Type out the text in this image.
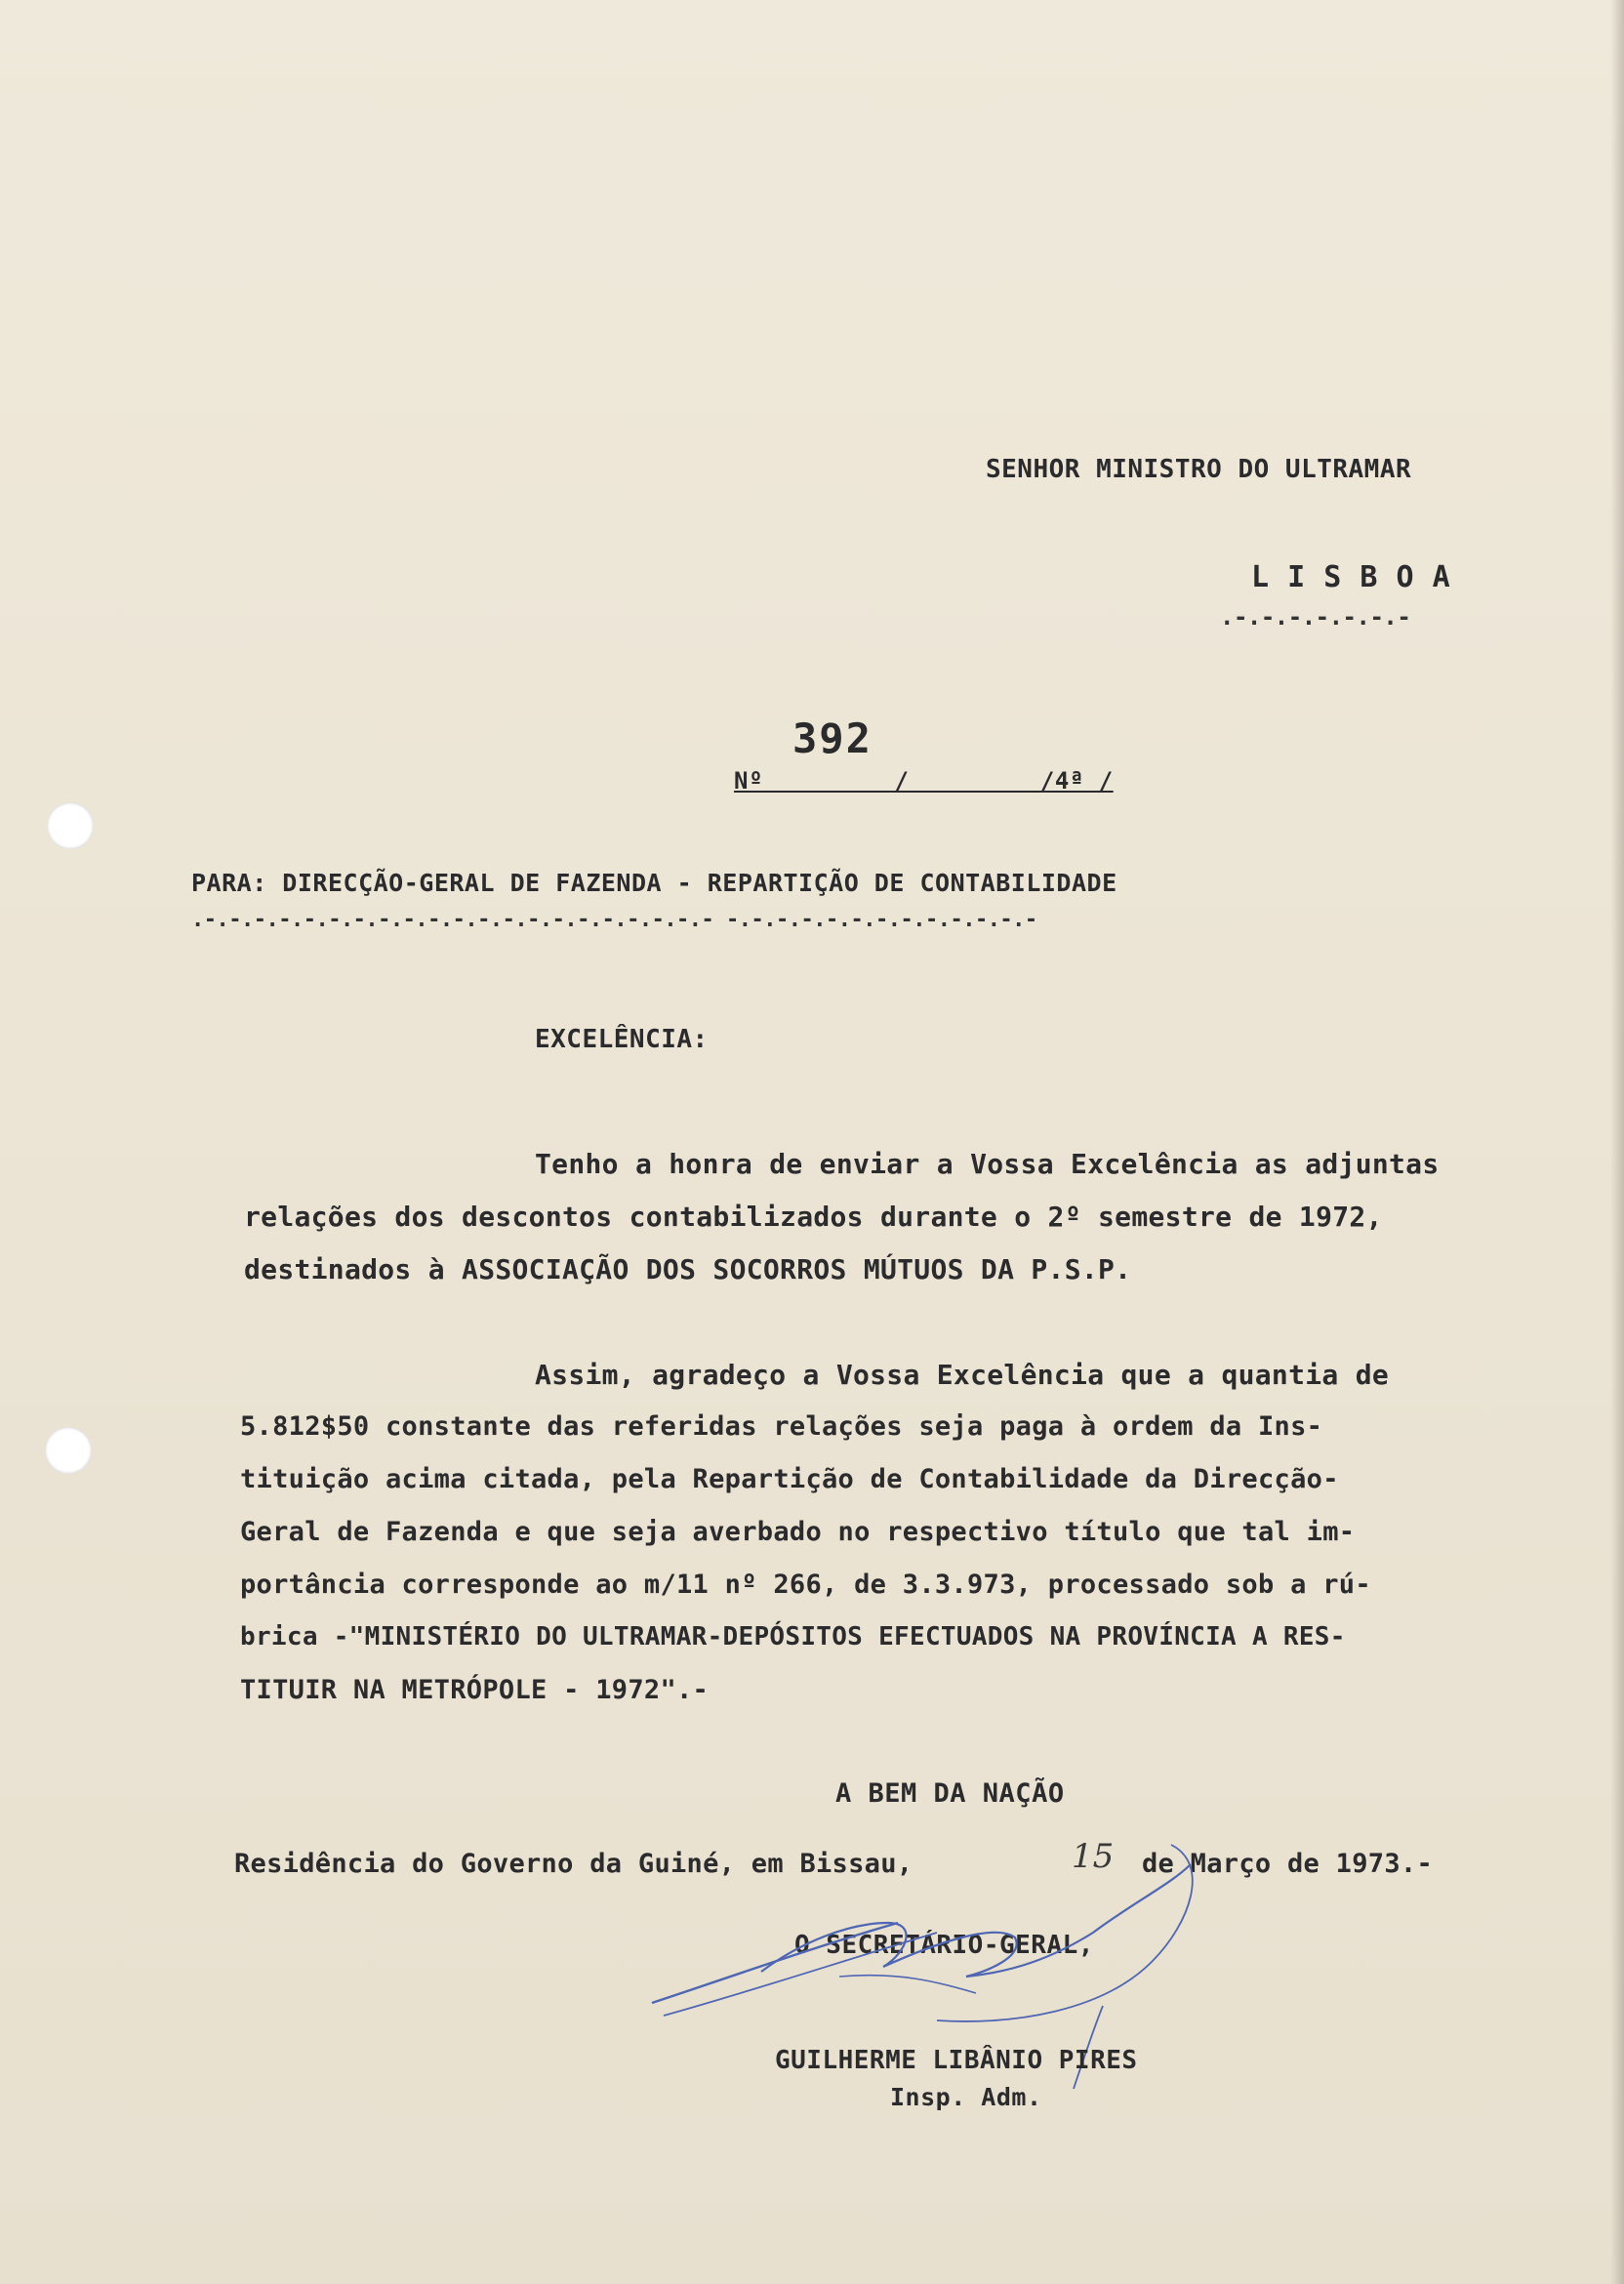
SENHOR MINISTRO DO ULTRAMAR
L I S B O A
.-.-.-.-.-.-.-
392
Nº         /         /4ª /
PARA: DIRECÇÃO-GERAL DE FAZENDA - REPARTIÇÃO DE CONTABILIDADE
.-.-.-.-.-.-.-.-.-.-.-.-.-.-.-.-.-.-.-.-.- -.-.-.-.-.-.-.-.-.-.-.-.-
EXCELÊNCIA:
Tenho a honra de enviar a Vossa Excelência as adjuntas
relações dos descontos contabilizados durante o 2º semestre de 1972,
destinados à ASSOCIAÇÃO DOS SOCORROS MÚTUOS DA P.S.P.
Assim, agradeço a Vossa Excelência que a quantia de
5.812$50 constante das referidas relações seja paga à ordem da Ins-
tituição acima citada, pela Repartição de Contabilidade da Direcção-
Geral de Fazenda e que seja averbado no respectivo título que tal im-
portância corresponde ao m/11 nº 266, de 3.3.973, processado sob a rú-
brica -"MINISTÉRIO DO ULTRAMAR-DEPÓSITOS EFECTUADOS NA PROVÍNCIA A RES-
TITUIR NA METRÓPOLE - 1972".-
A BEM DA NAÇÃO
Residência do Governo da Guiné, em Bissau,	15 de Março de 1973.-
O SECRETÁRIO-GERAL,
GUILHERME LIBÂNIO PIRES
Insp. Adm.
